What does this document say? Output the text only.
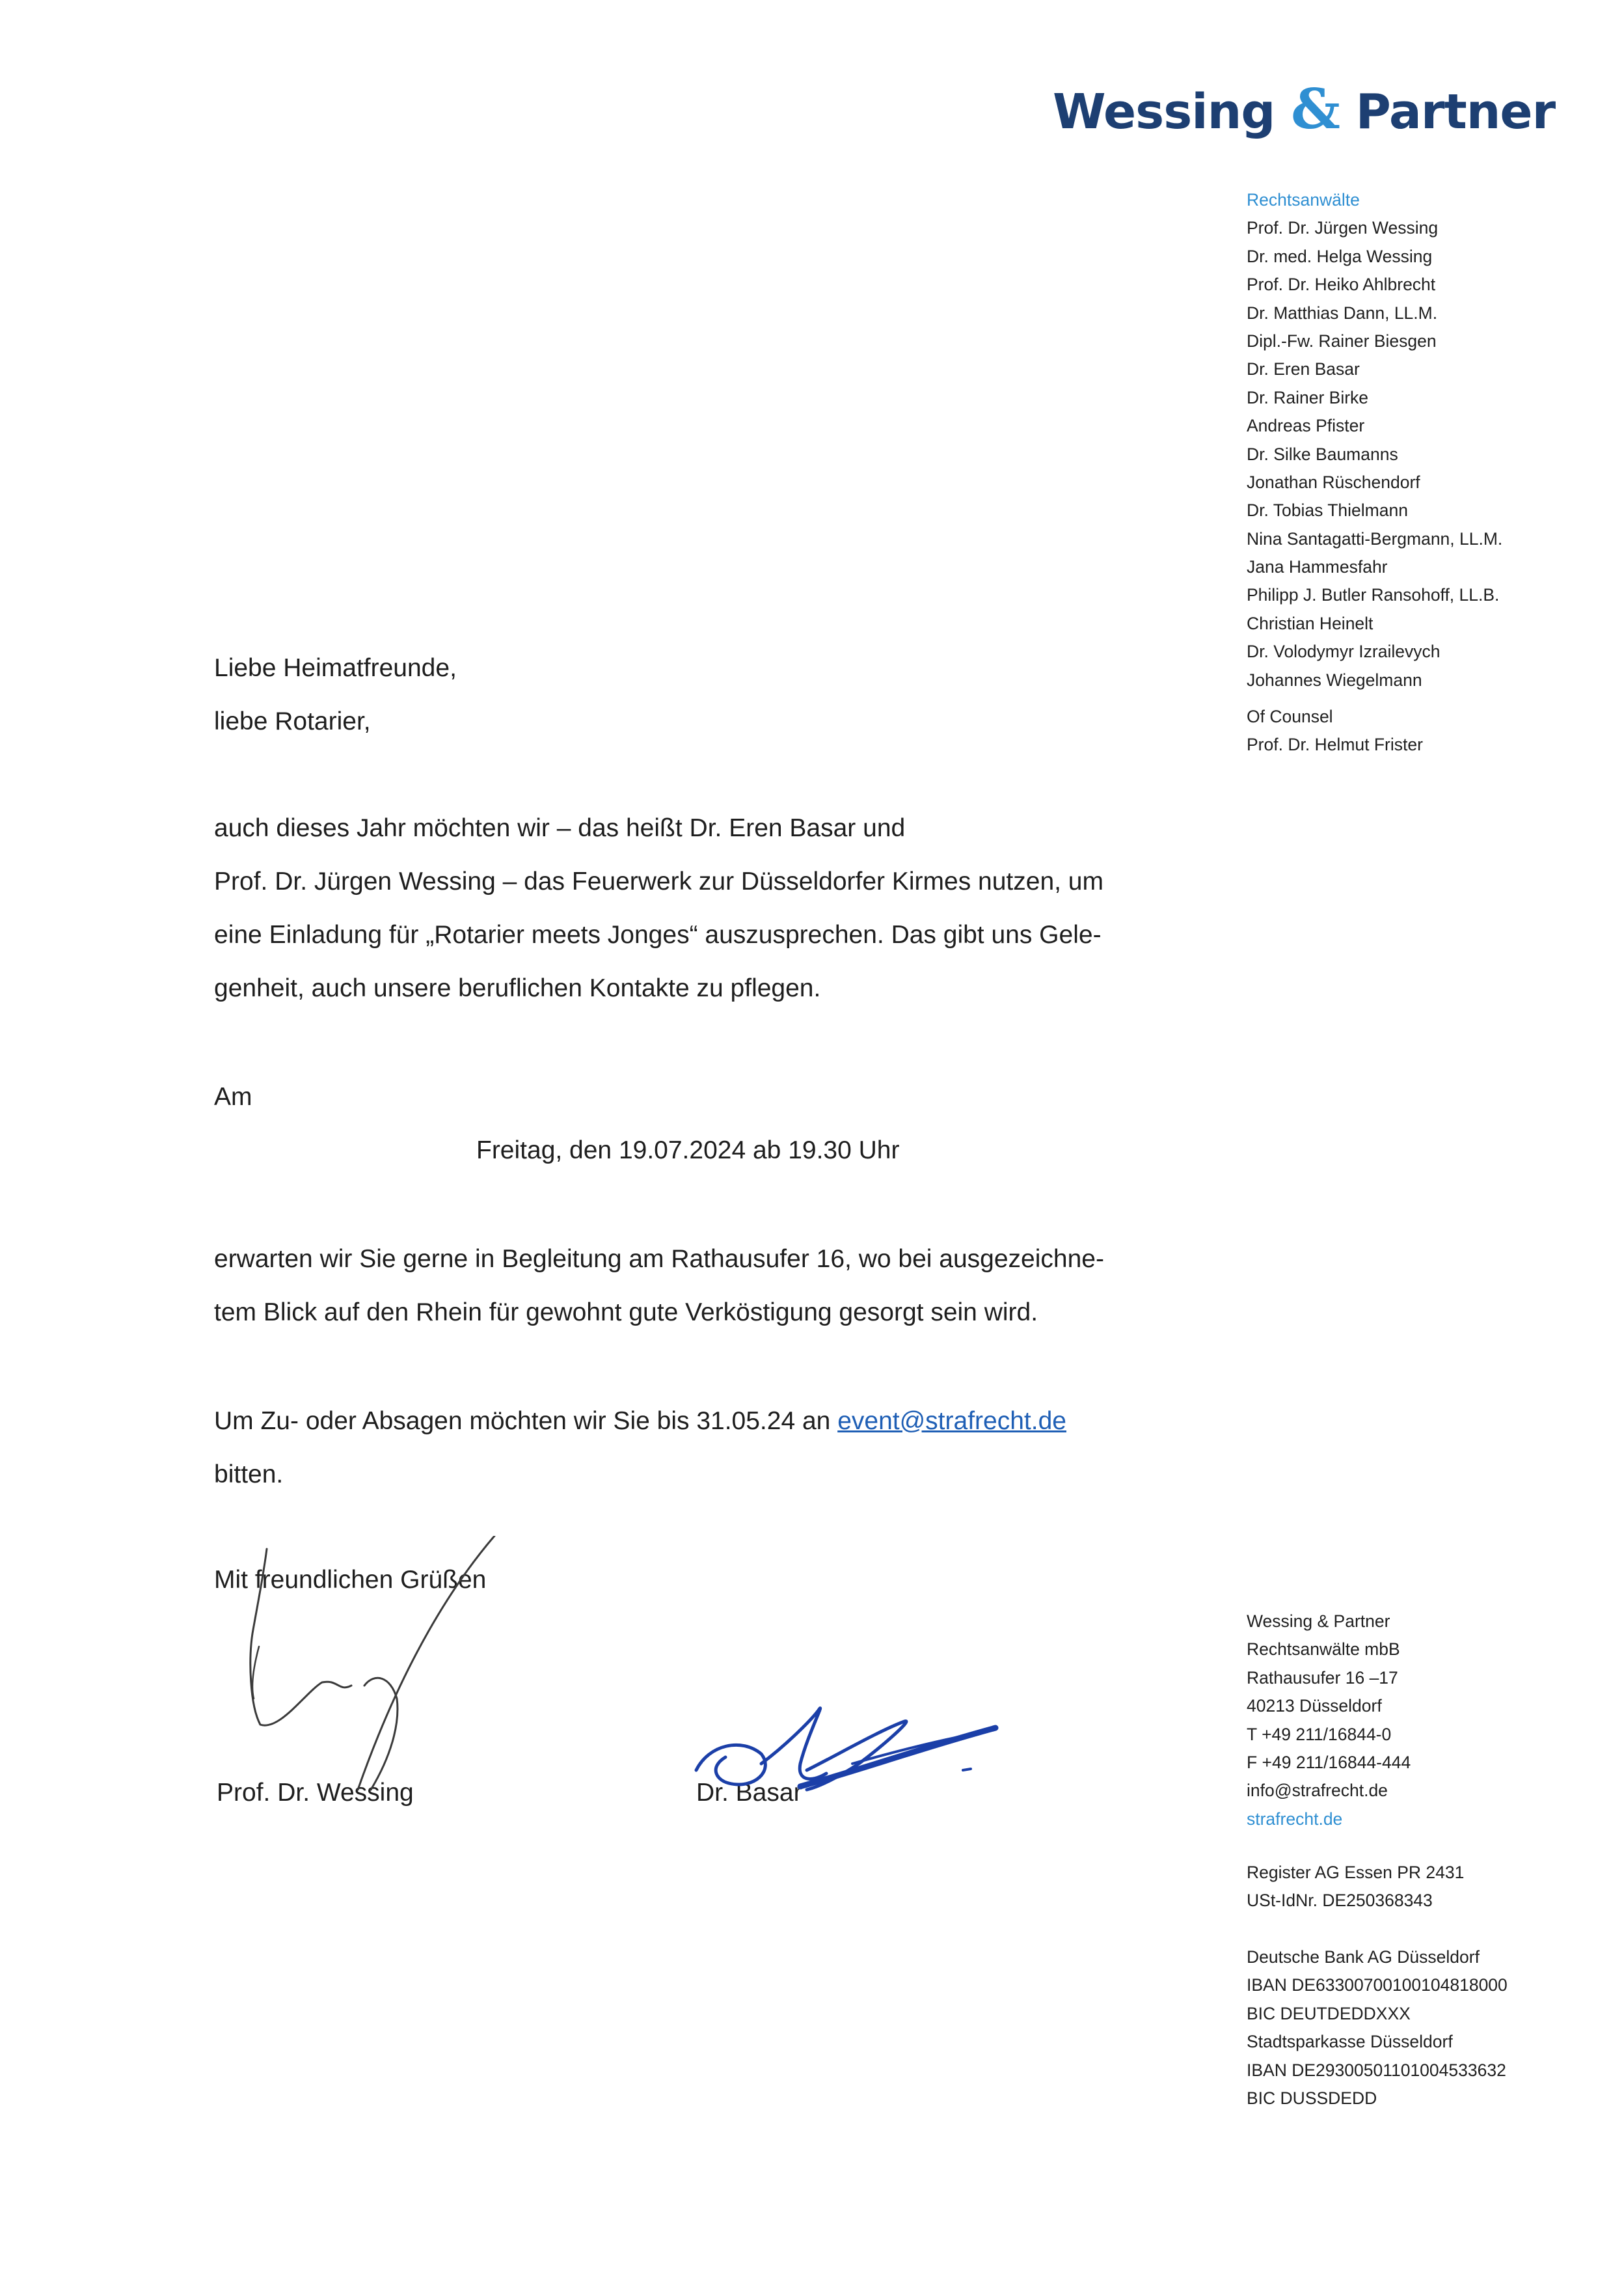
Wessing & Partner
Rechtsanwälte
Prof. Dr. Jürgen Wessing
Dr. med. Helga Wessing
Prof. Dr. Heiko Ahlbrecht
Dr. Matthias Dann, LL.M.
Dipl.-Fw. Rainer Biesgen
Dr. Eren Basar
Dr. Rainer Birke
Andreas Pfister
Dr. Silke Baumanns
Jonathan Rüschendorf
Dr. Tobias Thielmann
Nina Santagatti-Bergmann, LL.M.
Jana Hammesfahr
Philipp J. Butler Ransohoff, LL.B.
Christian Heinelt
Dr. Volodymyr Izrailevych
Johannes Wiegelmann
Of Counsel
Prof. Dr. Helmut Frister
Wessing & Partner
Rechtsanwälte mbB
Rathausufer 16 –17
40213 Düsseldorf
T +49 211/16844-0
F +49 211/16844-444
info@strafrecht.de
strafrecht.de
Register AG Essen PR 2431
USt-IdNr. DE250368343
Deutsche Bank AG Düsseldorf
IBAN DE63300700100104818000
BIC DEUTDEDDXXX
Stadtsparkasse Düsseldorf
IBAN DE29300501101004533632
BIC DUSSDEDD
Liebe Heimatfreunde,
liebe Rotarier,
auch dieses Jahr möchten wir – das heißt Dr. Eren Basar und
Prof. Dr. Jürgen Wessing – das Feuerwerk zur Düsseldorfer Kirmes nutzen, um
eine Einladung für „Rotarier meets Jonges“ auszusprechen. Das gibt uns Gele-
genheit, auch unsere beruflichen Kontakte zu pflegen.
Am
Freitag, den 19.07.2024 ab 19.30 Uhr
erwarten wir Sie gerne in Begleitung am Rathausufer 16, wo bei ausgezeichne-
tem Blick auf den Rhein für gewohnt gute Verköstigung gesorgt sein wird.
Um Zu- oder Absagen möchten wir Sie bis 31.05.24 an event@strafrecht.de
bitten.
Mit freundlichen Grüßen
Prof. Dr. Wessing	Dr. Basar
